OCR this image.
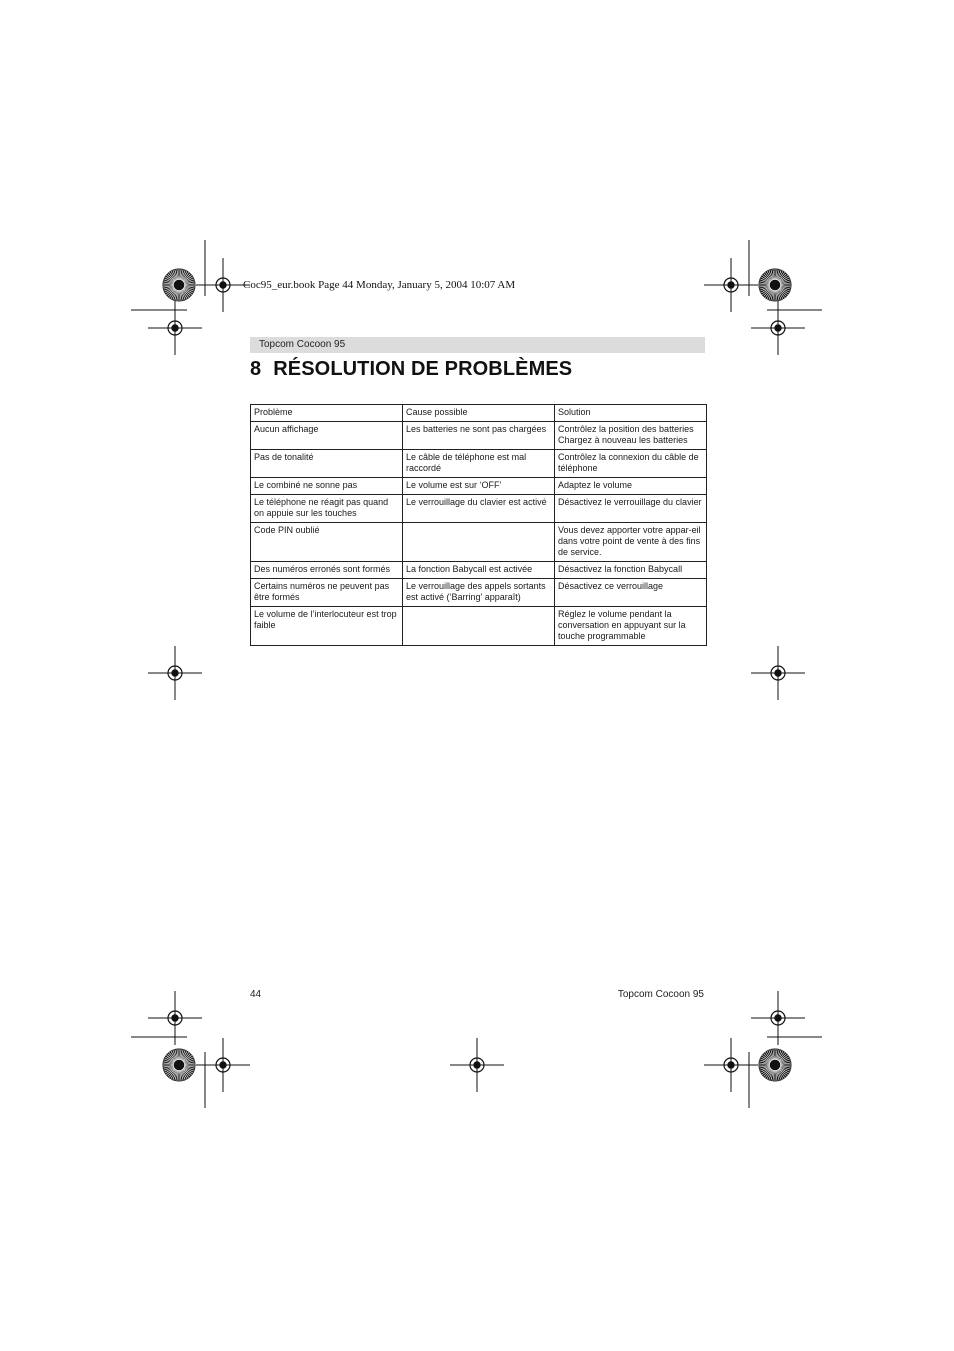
Coc95_eur.book Page 44 Monday, January 5, 2004 10:07 AM
Topcom Cocoon 95
8 RÉSOLUTION DE PROBLÈMES
Problème	Cause possible	Solution
Aucun affichage	Les batteries ne sont pas chargées	Contrôlez la position des batteries Chargez à nouveau les batteries
Pas de tonalité	Le câble de téléphone est mal raccordé	Contrôlez la connexion du câble de téléphone
Le combiné ne sonne pas	Le volume est sur ‘OFF’	Adaptez le volume
Le téléphone ne réagit pas quand on appuie sur les touches	Le verrouillage du clavier est activé	Désactivez le verrouillage du clavier
Code PIN oublié		Vous devez apporter votre appar-eil dans votre point de vente à des fins de service.
Des numéros erronés sont formés	La fonction Babycall est activée	Désactivez la fonction Babycall
Certains numéros ne peuvent pas être formés	Le verrouillage des appels sortants est activé (‘Barring’ apparaît)	Désactivez ce verrouillage
Le volume de l’interlocuteur est trop faible		Réglez le volume pendant la conversation en appuyant sur la touche programmable
44	Topcom Cocoon 95
